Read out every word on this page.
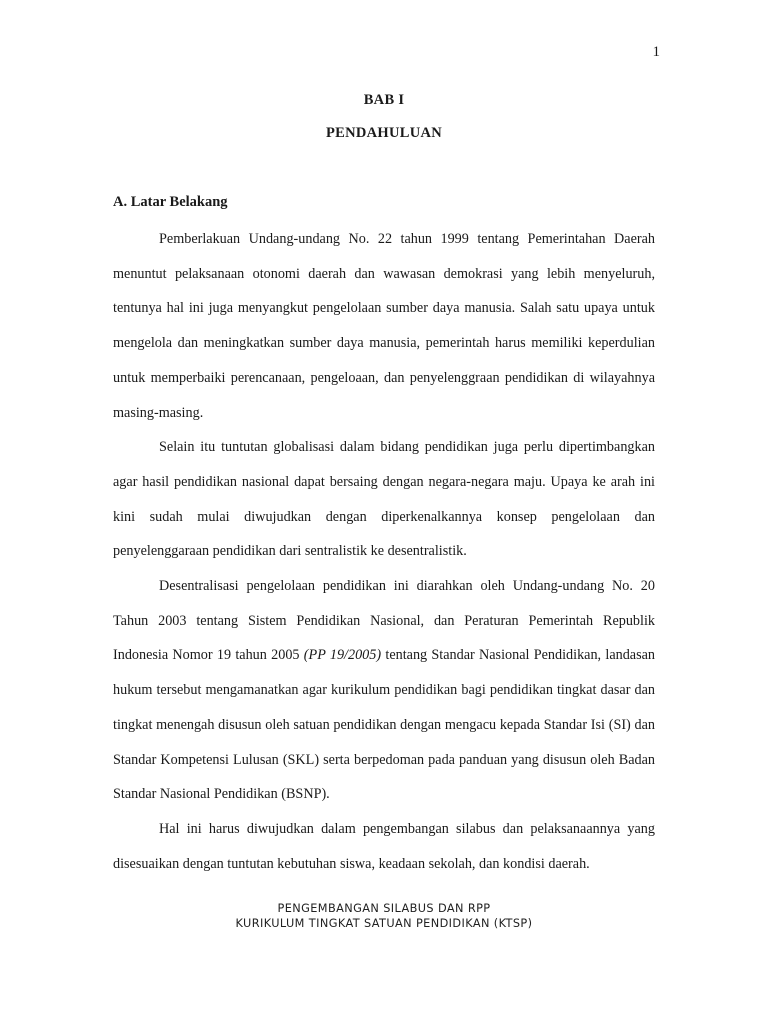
1
BAB I
PENDAHULUAN
A. Latar Belakang

Pemberlakuan Undang-undang No. 22 tahun 1999 tentang Pemerintahan Daerah menuntut pelaksanaan otonomi daerah dan wawasan demokrasi yang lebih menyeluruh, tentunya hal ini juga menyangkut pengelolaan sumber daya manusia. Salah satu upaya untuk mengelola dan meningkatkan sumber daya manusia, pemerintah harus memiliki keperdulian untuk memperbaiki perencanaan, pengeloaan, dan penyelenggraan pendidikan di wilayahnya masing-masing.

Selain itu tuntutan globalisasi dalam bidang pendidikan juga perlu dipertimbangkan agar hasil pendidikan nasional dapat bersaing dengan negara-negara maju. Upaya ke arah ini kini sudah mulai diwujudkan dengan diperkenalkannya konsep pengelolaan dan penyelenggaraan pendidikan dari sentralistik ke desentralistik.

Desentralisasi pengelolaan pendidikan ini diarahkan oleh Undang-undang No. 20 Tahun 2003 tentang Sistem Pendidikan Nasional, dan Peraturan Pemerintah Republik Indonesia Nomor 19 tahun 2005 (PP 19/2005) tentang Standar Nasional Pendidikan, landasan hukum tersebut mengamanatkan agar kurikulum pendidikan bagi pendidikan tingkat dasar dan tingkat menengah disusun oleh satuan pendidikan dengan mengacu kepada Standar Isi (SI) dan Standar Kompetensi Lulusan (SKL) serta berpedoman pada panduan yang disusun oleh Badan Standar Nasional Pendidikan (BSNP).

Hal ini harus diwujudkan dalam pengembangan silabus dan pelaksanaannya yang disesuaikan dengan tuntutan kebutuhan siswa, keadaan sekolah, dan kondisi daerah.

PENGEMBANGAN SILABUS DAN RPP
KURIKULUM TINGKAT SATUAN PENDIDIKAN (KTSP)
